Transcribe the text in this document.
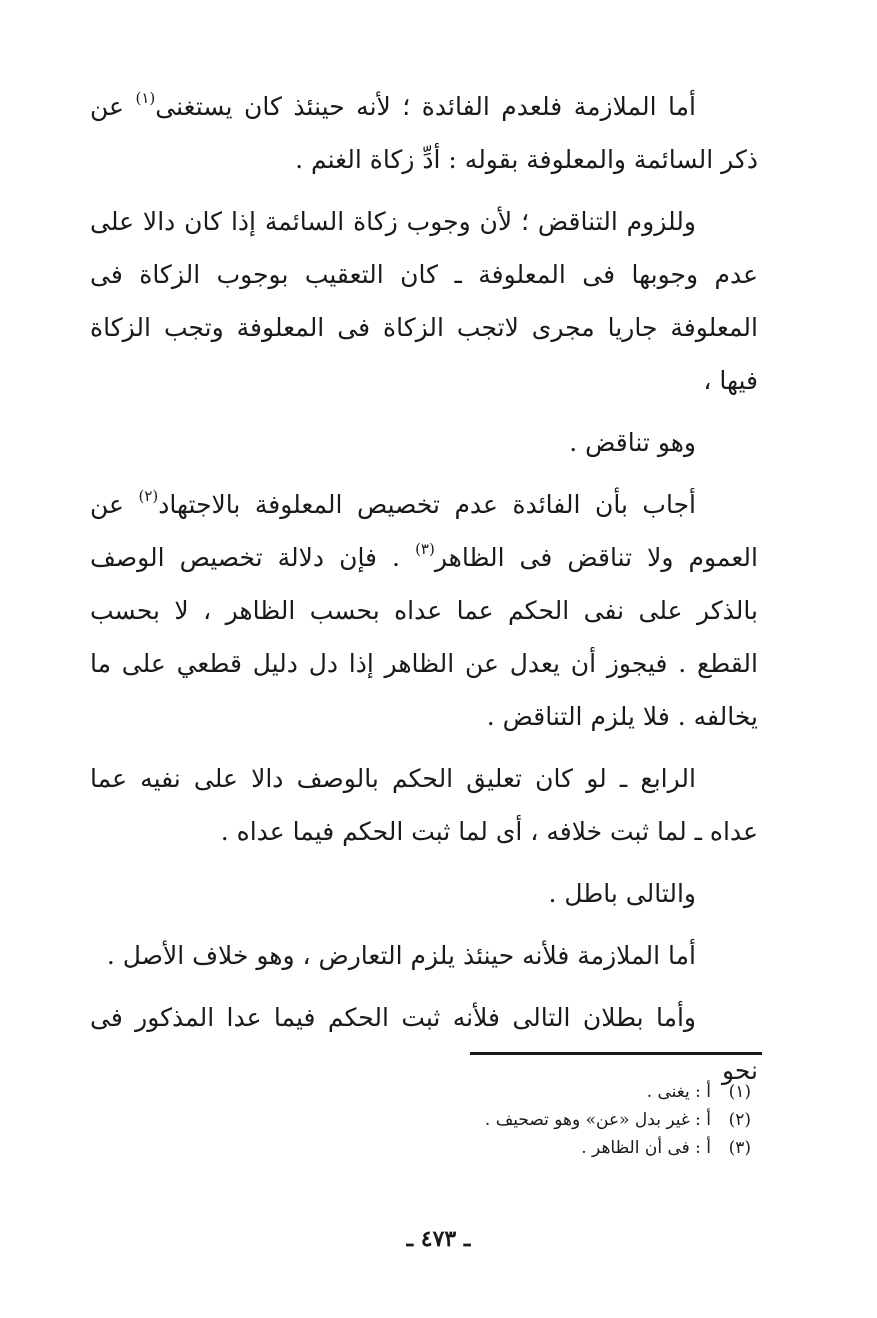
أما الملازمة فلعدم الفائدة ؛ لأنه حينئذ كان يستغنى$^{(١)}$ عن ذكر السائمة والمعلوفة بقوله : أدِّ زكاة الغنم .

وللزوم التناقض ؛ لأن وجوب زكاة السائمة إذا كان دالا على عدم وجوبها فى المعلوفة ـ كان التعقيب بوجوب الزكاة فى المعلوفة جاريا مجرى لاتجب الزكاة فى المعلوفة وتجب الزكاة فيها ،

وهو تناقض .

أجاب بأن الفائدة عدم تخصيص المعلوفة بالاجتهاد$^{(٢)}$ عن العموم ولا تناقض فى الظاهر$^{(٣)}$ . فإن دلالة تخصيص الوصف بالذكر على نفى الحكم عما عداه بحسب الظاهر ، لا بحسب القطع . فيجوز أن يعدل عن الظاهر إذا دل دليل قطعي على ما يخالفه . فلا يلزم التناقض .

الرابع ـ لو كان تعليق الحكم بالوصف دالا على نفيه عما عداه ـ لما ثبت خلافه ، أى لما ثبت الحكم فيما عداه .

والتالى باطل .

أما الملازمة فلأنه حينئذ يلزم التعارض ، وهو خلاف الأصل .

وأما بطلان التالى فلأنه ثبت الحكم فيما عدا المذكور فى نحو

(١)أ : يغنى .
(٢)أ : غير بدل «عن» وهو تصحيف .
(٣)أ : فى أن الظاهر .
ـ ٤٧٣ ـ
